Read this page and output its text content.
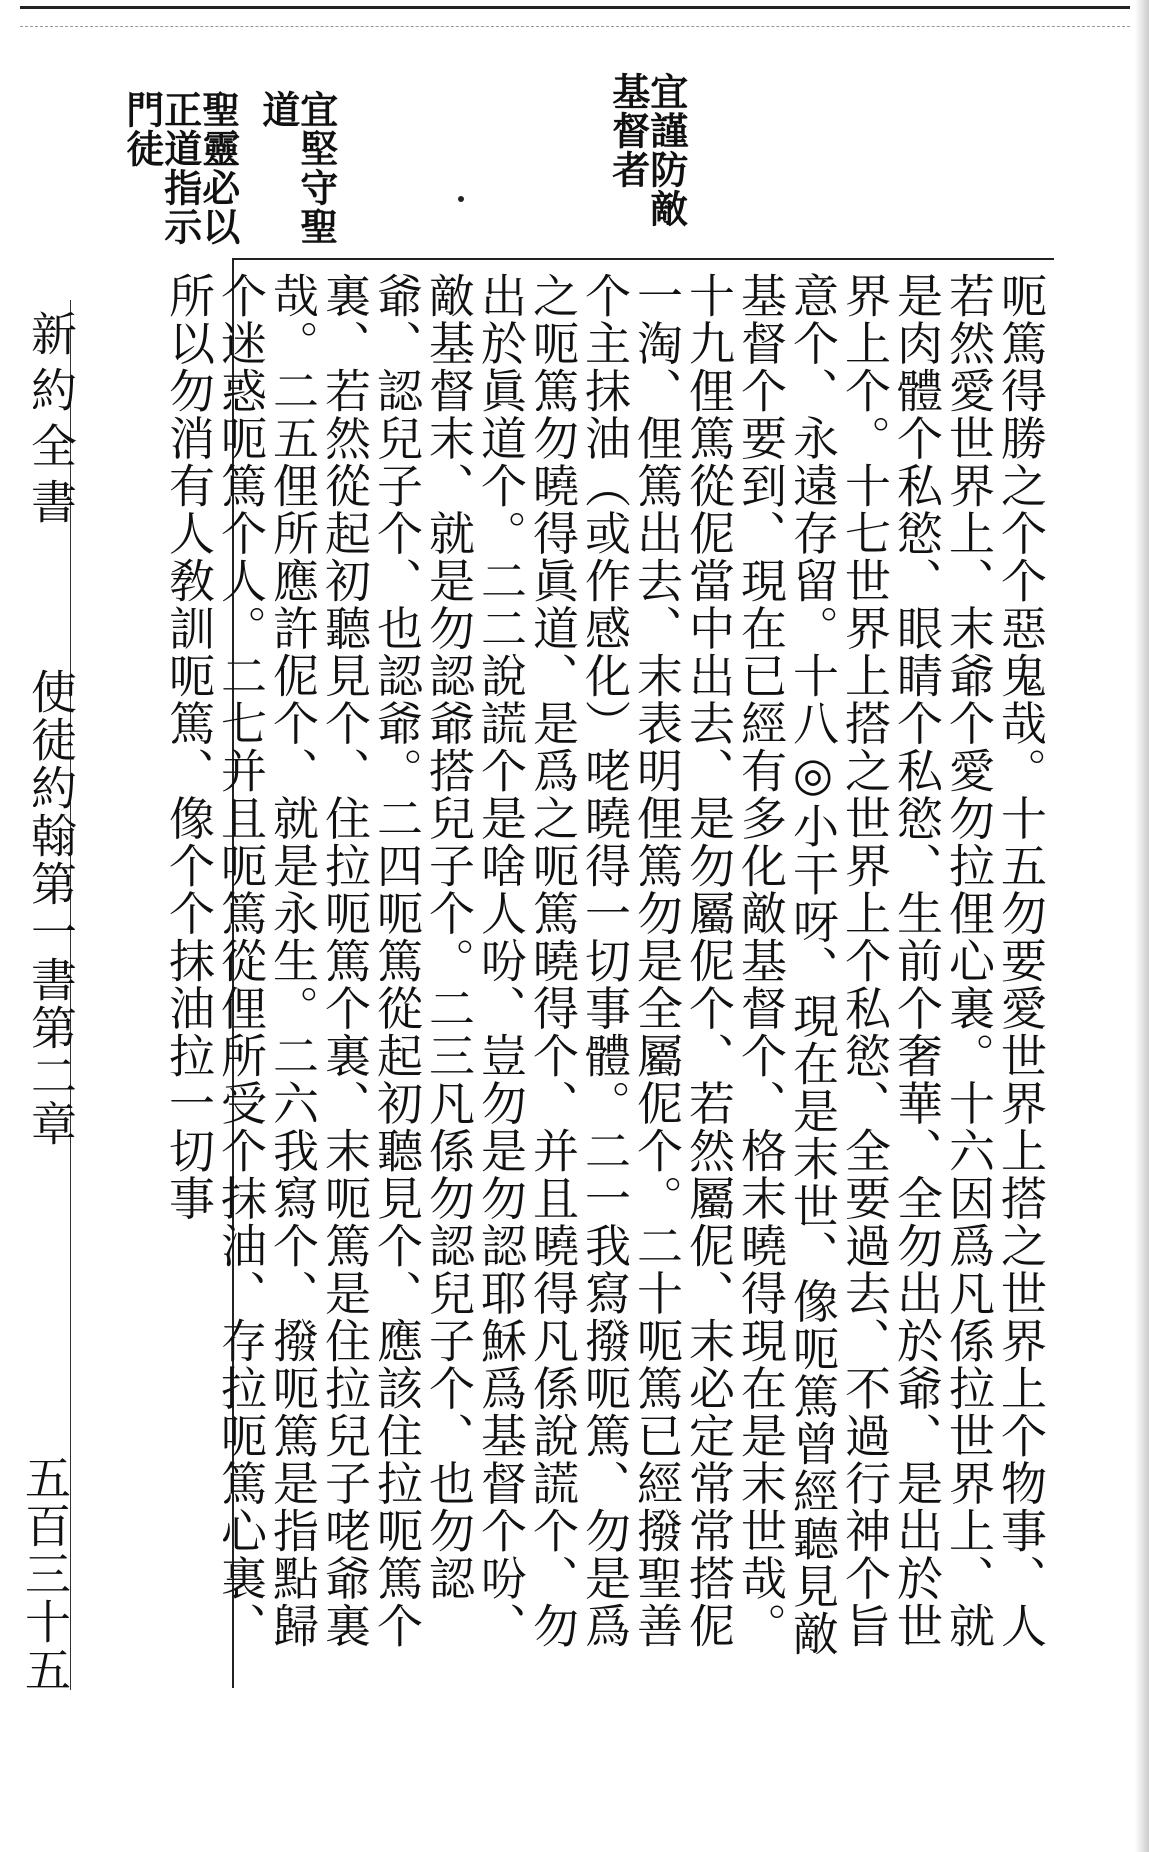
宜謹防敵
基督者
宜堅守聖
道
聖靈必以
正道指示
門徒

呃篤得勝之个个惡鬼哉。十五勿要愛世界上搭之世界上个物事、人若然愛世界上、末爺个愛勿拉俚心裏。十六因爲凡係拉世界上、就是肉體个私慾、眼睛个私慾、生前个奢華、全勿出於爺、是出於世界上个。十七世界上搭之世界上个私慾、全要過去、不過行神个旨意个、永遠存留。十八◎小干呀、現在是末世、像呃篤曾經聽見敵基督个要到、現在已經有多化敵基督个、格末曉得現在是末世哉。十九俚篤從伲當中出去、是勿屬伲个、若然屬伲、末必定常常搭伲一淘、俚篤出去、末表明俚篤勿是全屬伲个。二十呃篤已經撥聖善个主抹油（或作感化）咾曉得一切事體。二一我寫撥呃篤、勿是爲之呃篤勿曉得眞道、是爲之呃篤曉得个、并且曉得凡係說謊个、勿出於眞道个。二二說謊个是啥人吩、豈勿是勿認耶穌爲基督个吩、敵基督末、就是勿認爺搭兒子个。二三凡係勿認兒子个、也勿認爺、認兒子个、也認爺。二四呃篤從起初聽見个、應該住拉呃篤个裏、若然從起初聽見个、住拉呃篤个裏、末呃篤是住拉兒子咾爺裏哉。二五俚所應許伲个、就是永生。二六我寫个、撥呃篤是指點歸个迷惑呃篤个人。二七并且呃篤從俚所受个抹油、存拉呃篤心裏、所以勿消有人敎訓呃篤、像个个抹油拉一切事

新約全書
使徒約翰第一書第二章
五百三十五
